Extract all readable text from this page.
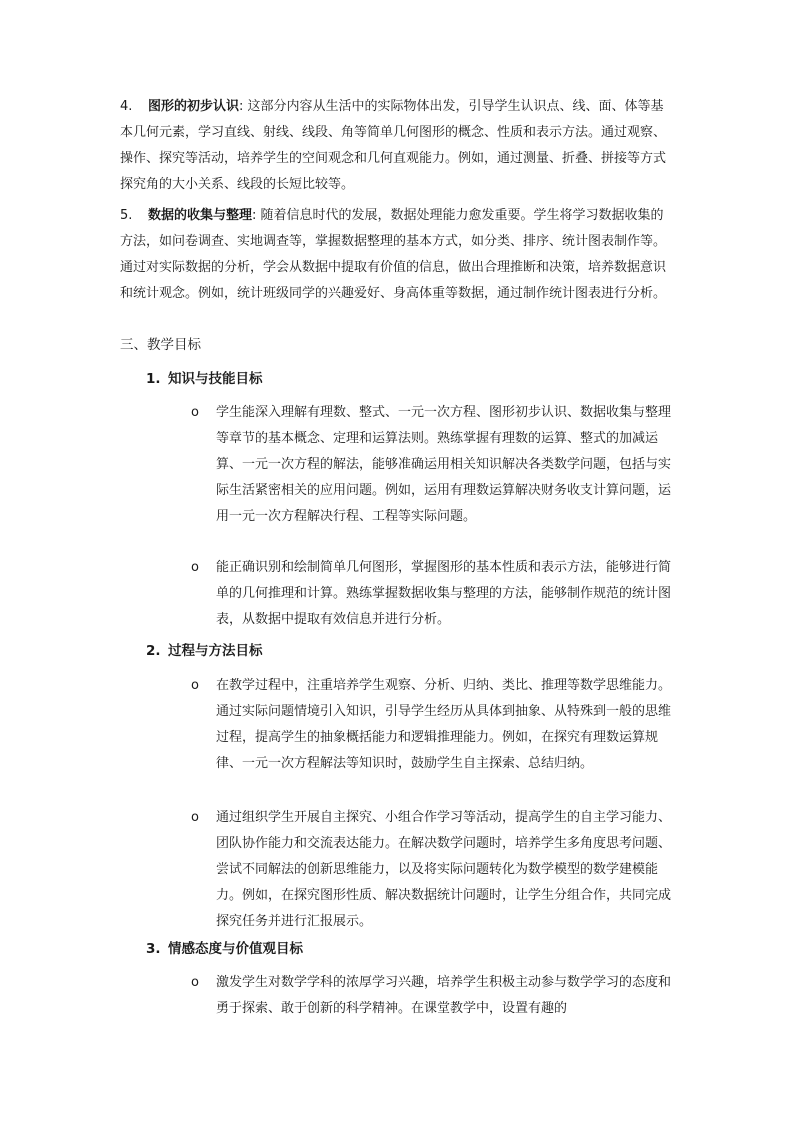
4. 图形的初步认识: 这部分内容从生活中的实际物体出发，引导学生认识点、线、面、体等基本几何元素，学习直线、射线、线段、角等简单几何图形的概念、性质和表示方法。通过观察、操作、探究等活动，培养学生的空间观念和几何直观能力。例如，通过测量、折叠、拼接等方式探究角的大小关系、线段的长短比较等。
5. 数据的收集与整理: 随着信息时代的发展，数据处理能力愈发重要。学生将学习数据收集的方法，如问卷调查、实地调查等，掌握数据整理的基本方式，如分类、排序、统计图表制作等。通过对实际数据的分析，学会从数据中提取有价值的信息，做出合理推断和决策，培养数据意识和统计观念。例如，统计班级同学的兴趣爱好、身高体重等数据，通过制作统计图表进行分析。
三、教学目标
1. 知识与技能目标
o 学生能深入理解有理数、整式、一元一次方程、图形初步认识、数据收集与整理等章节的基本概念、定理和运算法则。熟练掌握有理数的运算、整式的加减运算、一元一次方程的解法，能够准确运用相关知识解决各类数学问题，包括与实际生活紧密相关的应用问题。例如，运用有理数运算解决财务收支计算问题，运用一元一次方程解决行程、工程等实际问题。
o 能正确识别和绘制简单几何图形，掌握图形的基本性质和表示方法，能够进行简单的几何推理和计算。熟练掌握数据收集与整理的方法，能够制作规范的统计图表，从数据中提取有效信息并进行分析。
2. 过程与方法目标
o 在教学过程中，注重培养学生观察、分析、归纳、类比、推理等数学思维能力。通过实际问题情境引入知识，引导学生经历从具体到抽象、从特殊到一般的思维过程，提高学生的抽象概括能力和逻辑推理能力。例如，在探究有理数运算规律、一元一次方程解法等知识时，鼓励学生自主探索、总结归纳。
o 通过组织学生开展自主探究、小组合作学习等活动，提高学生的自主学习能力、团队协作能力和交流表达能力。在解决数学问题时，培养学生多角度思考问题、尝试不同解法的创新思维能力，以及将实际问题转化为数学模型的数学建模能力。例如，在探究图形性质、解决数据统计问题时，让学生分组合作，共同完成探究任务并进行汇报展示。
3. 情感态度与价值观目标
o 激发学生对数学学科的浓厚学习兴趣，培养学生积极主动参与数学学习的态度和勇于探索、敢于创新的科学精神。在课堂教学中，设置有趣的
